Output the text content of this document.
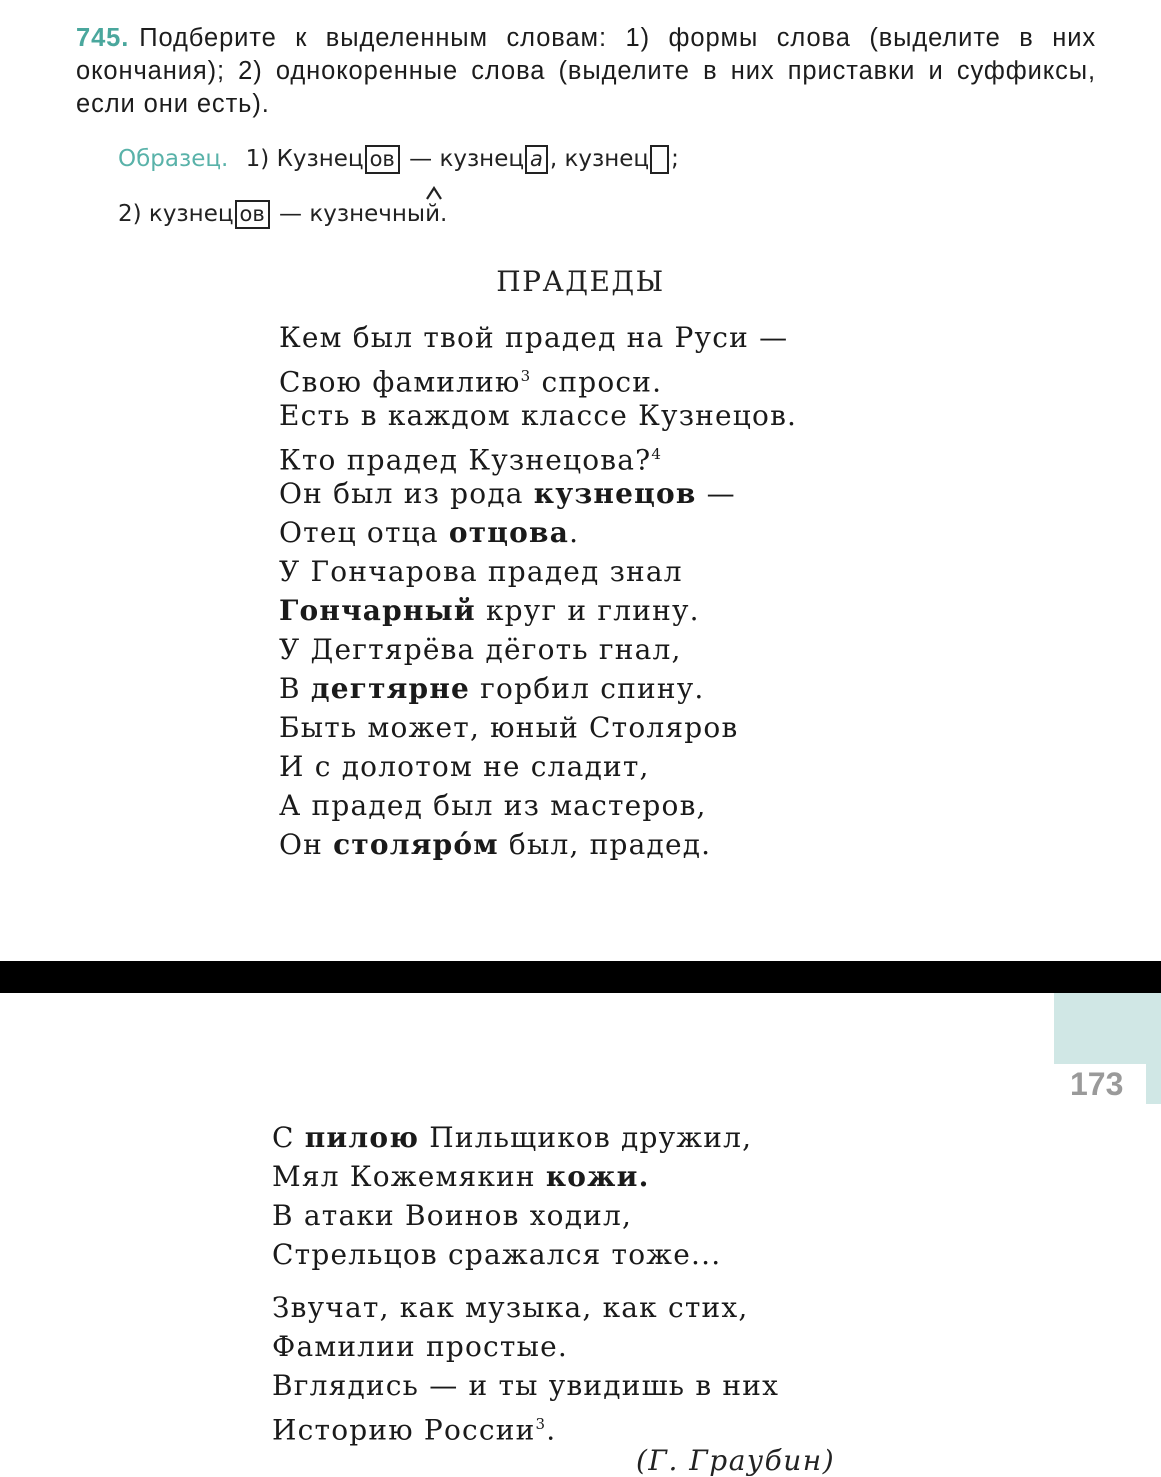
745. Подберите к выделенным словам: 1) формы слова (выделите в них окончания); 2) однокоренные слова (выделите в них приставки и суффиксы, если они есть).
Образец. 1) Кузнец ов — кузнец а , кузнец ;
2) кузнец ов — кузнечный.
ПРАДЕДЫ
Кем был твой прадед на Руси —
Свою фамилию$^3$ спроси.
Есть в каждом классе Кузнецов.
Кто прадед Кузнецова?$^4$
Он был из рода кузнецов —
Отец отца отцова.
У Гончарова прадед знал
Гончарный круг и глину.
У Дегтярёва дёготь гнал,
В дегтярне горбил спину.
Быть может, юный Столяров
И с долотом не сладит,
А прадед был из мастеров,
Он столяро́м был, прадед.
173
С пилою Пильщиков дружил,
Мял Кожемякин кожи.
В атаки Воинов ходил,
Стрельцов сражался тоже...
Звучат, как музыка, как стих,
Фамилии простые.
Вглядись — и ты увидишь в них
Историю России$^3$.
(Г. Граубин)
